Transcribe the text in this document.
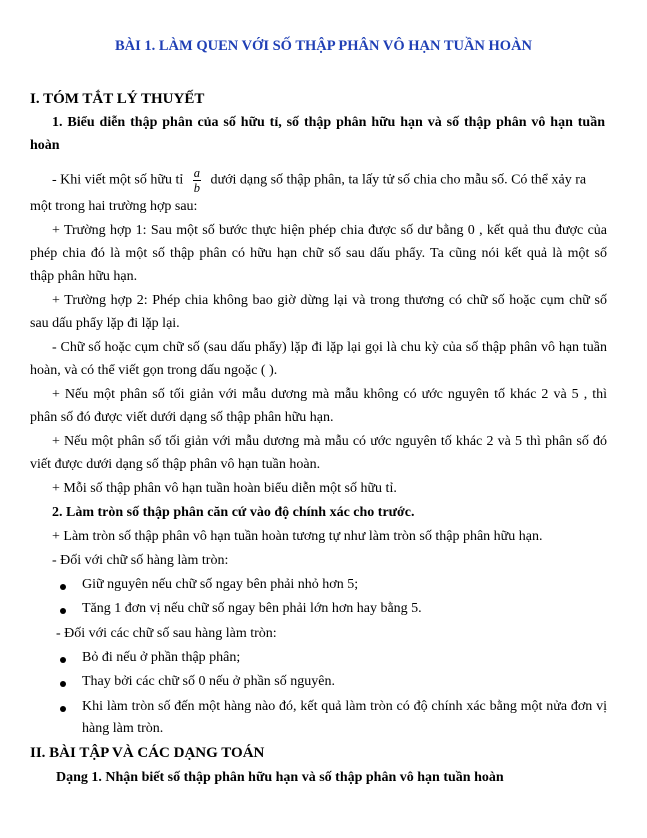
BÀI 1. LÀM QUEN VỚI SỐ THẬP PHÂN VÔ HẠN TUẦN HOÀN
I. TÓM TẮT LÝ THUYẾT
1. Biểu diễn thập phân của số hữu tỉ, số thập phân hữu hạn và số thập phân vô hạn tuần
hoàn
- Khi viết một số hữu tỉ $\frac{a}{b}$ dưới dạng số thập phân, ta lấy tử số chia cho mẫu số. Có thể xảy ra
một trong hai trường hợp sau:
+ Trường hợp 1: Sau một số bước thực hiện phép chia được số dư bằng 0 , kết quả thu được của
phép chia đó là một số thập phân có hữu hạn chữ số sau dấu phẩy. Ta cũng nói kết quả là một số
thập phân hữu hạn.
+ Trường hợp 2: Phép chia không bao giờ dừng lại và trong thương có chữ số hoặc cụm chữ số
sau dấu phẩy lặp đi lặp lại.
- Chữ số hoặc cụm chữ số (sau dấu phẩy) lặp đi lặp lại gọi là chu kỳ của số thập phân vô hạn tuần
hoàn, và có thể viết gọn trong dấu ngoặc ( ).
+ Nếu một phân số tối giản với mẫu dương mà mẫu không có ước nguyên tố khác 2 và 5 , thì
phân số đó được viết dưới dạng số thập phân hữu hạn.
+ Nếu một phân số tối giản với mẫu dương mà mẫu có ước nguyên tố khác 2 và 5 thì phân số đó
viết được dưới dạng số thập phân vô hạn tuần hoàn.
+ Mỗi số thập phân vô hạn tuần hoàn biểu diễn một số hữu tỉ.
2. Làm tròn số thập phân căn cứ vào độ chính xác cho trước.
+ Làm tròn số thập phân vô hạn tuần hoàn tương tự như làm tròn số thập phân hữu hạn.
- Đối với chữ số hàng làm tròn:
Giữ nguyên nếu chữ số ngay bên phải nhỏ hơn 5;
Tăng 1 đơn vị nếu chữ số ngay bên phải lớn hơn hay bằng 5.
- Đối với các chữ số sau hàng làm tròn:
Bỏ đi nếu ở phần thập phân;
Thay bởi các chữ số 0 nếu ở phần số nguyên.
Khi làm tròn số đến một hàng nào đó, kết quả làm tròn có độ chính xác bằng một nửa đơn vị
hàng làm tròn.
II. BÀI TẬP VÀ CÁC DẠNG TOÁN
Dạng 1. Nhận biết số thập phân hữu hạn và số thập phân vô hạn tuần hoàn
